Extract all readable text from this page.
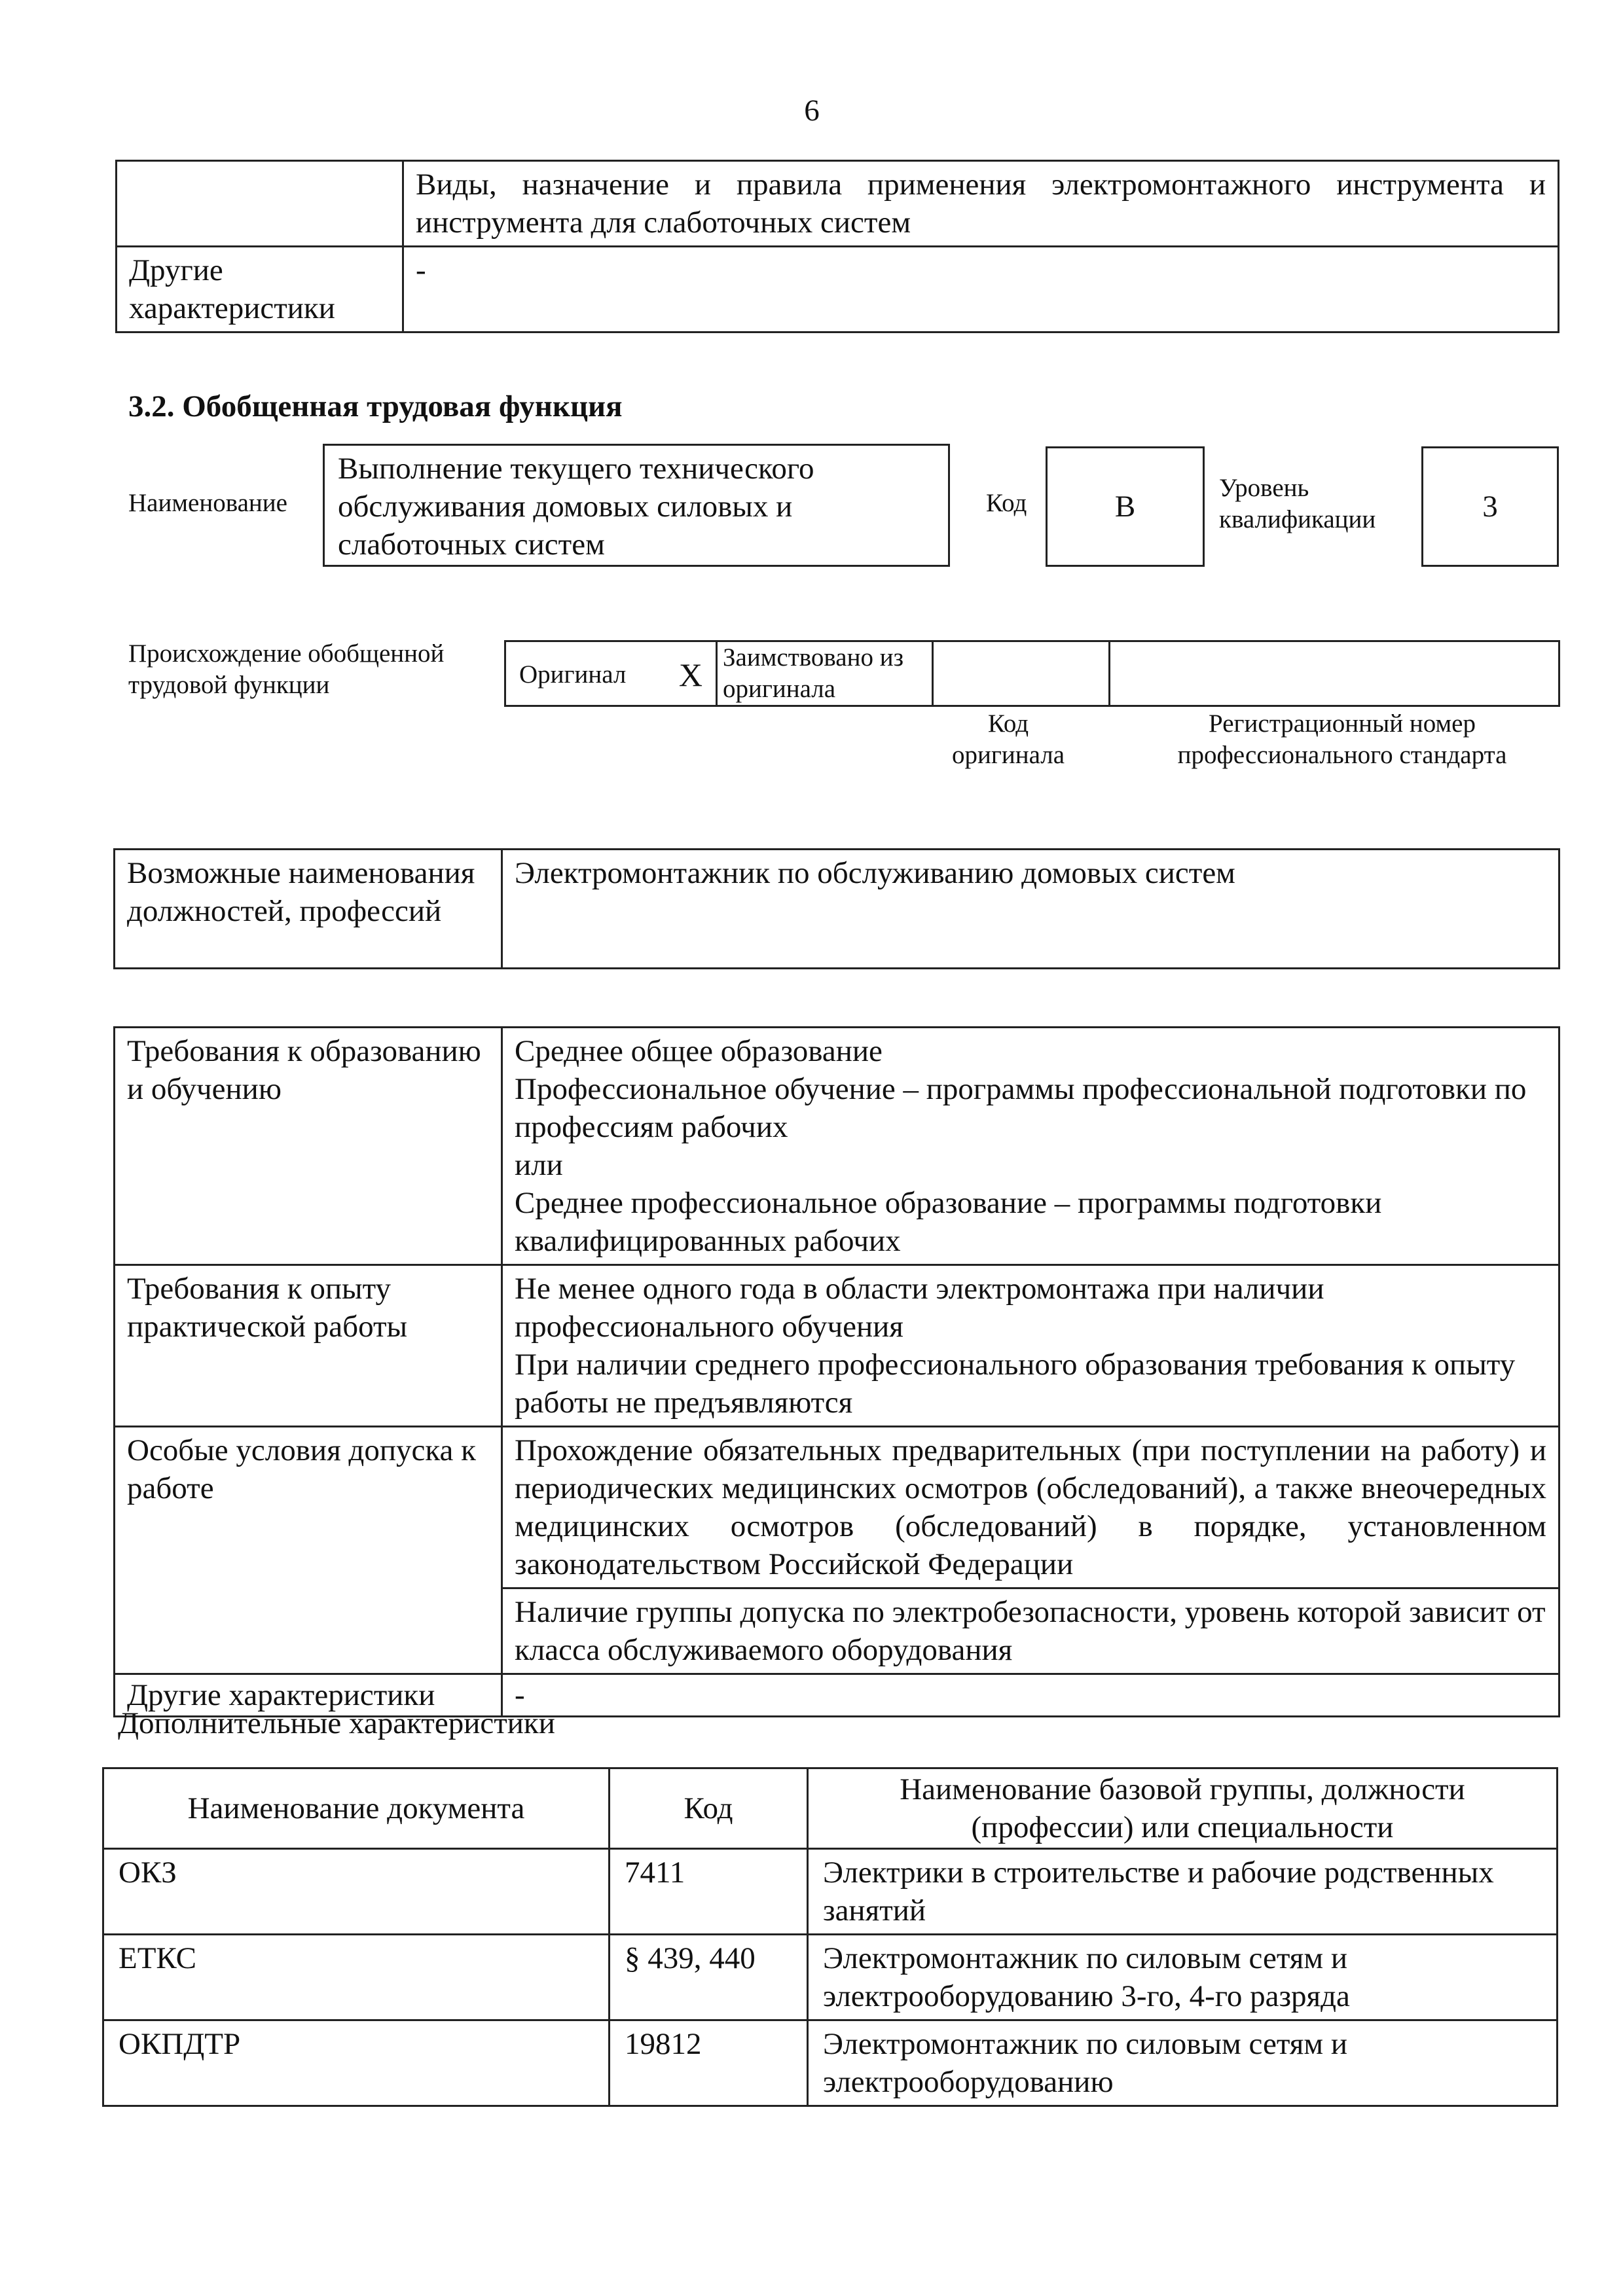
6
	Виды, назначение и правила применения электромонтажного инструмента и инструмента для слаботочных систем
Другие характеристики	-
3.2. Обобщенная трудовая функция
Наименование
Выполнение текущего технического обслуживания домовых силовых и слаботочных систем
Код	В
Уровень квалификации	3
Происхождение обобщенной трудовой функции	Оригинал X	Заимствовано из оригинала		
Код оригинала
Регистрационный номер профессионального стандарта
Возможные наименования должностей, профессий	Электромонтажник по обслуживанию домовых систем
Требования к образованию и обучению	Среднее общее образование
Профессиональное обучение – программы профессиональной подготовки по профессиям рабочих
или
Среднее профессиональное образование – программы подготовки квалифицированных рабочих

Требования к опыту практической работы	Не менее одного года в области электромонтажа при наличии профессионального обучения
При наличии среднего профессионального образования требования к опыту работы не предъявляются

Особые условия допуска к работе	Прохождение обязательных предварительных (при поступлении на работу) и периодических медицинских осмотров (обследований), а также внеочередных медицинских осмотров (обследований) в порядке, установленном законодательством Российской Федерации
	Наличие группы допуска по электробезопасности, уровень которой зависит от класса обслуживаемого оборудования
Другие характеристики	-
Дополнительные характеристики
Наименование документа	Код	Наименование базовой группы, должности (профессии) или специальности
ОКЗ	7411	Электрики в строительстве и рабочие родственных занятий
ЕТКС	§ 439, 440	Электромонтажник по силовым сетям и электрооборудованию 3-го, 4-го разряда
ОКПДТР	19812	Электромонтажник по силовым сетям и электрооборудованию
